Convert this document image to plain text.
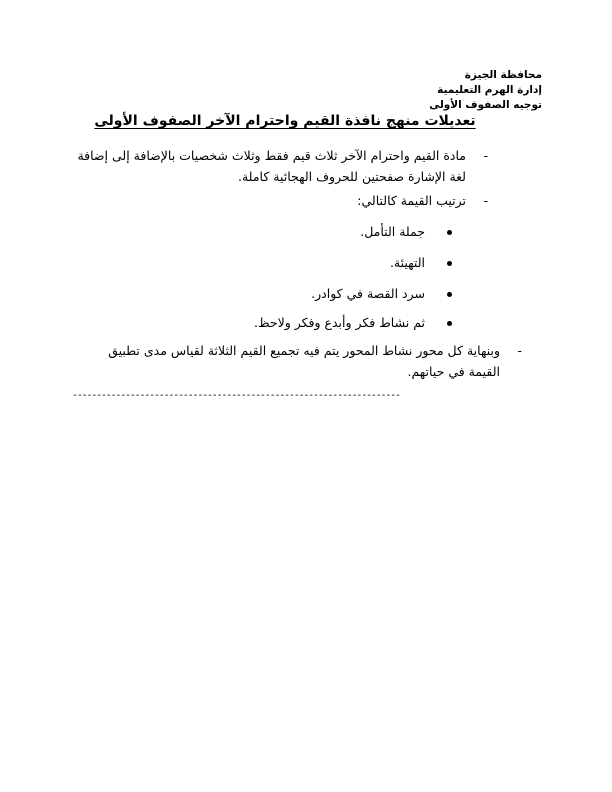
محافظة الجيزة
إدارة الهرم التعليمية
توجيه الصفوف الأولى
تعديلات منهج نافذة القيم واحترام الآخر الصفوف الأولى
-
مادة القيم واحترام الآخر ثلاث قيم فقط وثلاث شخصيات بالإضافة إلى إضافة لغة الإشارة صفحتين للحروف الهجائية كاملة.
-
ترتيب القيمة كالتالي:
جملة التأمل.
التهيئة.
سرد القصة في كوادر.
ثم نشاط فكر وأبدع وفكر ولاحظ.
-
وبنهاية كل محور نشاط المحور يتم فيه تجميع القيم الثلاثة لقياس مدى تطبيق القيمة في حياتهم.
--------------------------------------------------------------------
